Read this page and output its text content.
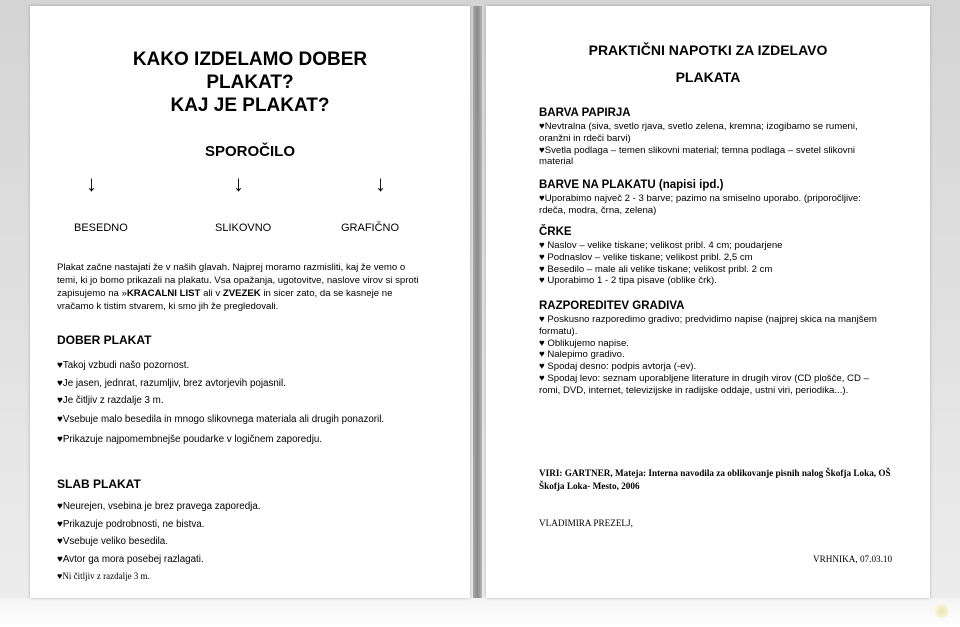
KAKO IZDELAMO DOBER
PLAKAT?
KAJ JE PLAKAT?
SPOROČILO
↓	↓	↓
BESEDNO	SLIKOVNO	GRAFIČNO
Plakat začne nastajati že v naših glavah. Najprej moramo razmisliti, kaj že vemo o temi, ki jo bomo prikazali na plakatu. Vsa opažanja, ugotovitve, naslove virov si sproti zapisujemo na »KRACALNI LIST ali v ZVEZEK in sicer zato, da se kasneje ne vračamo k tistim stvarem, ki smo jih že pregledovali.
DOBER PLAKAT
♥Takoj vzbudi našo pozornost.
♥Je jasen, jednrat, razumljiv, brez avtorjevih pojasnil.
♥Je čitljiv z razdalje 3 m.
♥Vsebuje malo besedila in mnogo slikovnega materiala ali drugih ponazoril.
♥Prikazuje najpomembnejše poudarke v logičnem zaporedju.
SLAB PLAKAT
♥Neurejen, vsebina je brez pravega zaporedja.
♥Prikazuje podrobnosti, ne bistva.
♥Vsebuje veliko besedila.
♥Avtor ga mora posebej razlagati.
♥Ni čitljiv z razdalje 3 m.
PRAKTIČNI NAPOTKI ZA IZDELAVO
PLAKATA
BARVA PAPIRJA
♥Nevtralna (siva, svetlo rjava, svetlo zelena, kremna; izogibamo se rumeni, oranžni in rdeči barvi)
♥Svetla podlaga – temen slikovni material; temna podlaga – svetel slikovni material
BARVE NA PLAKATU (napisi ipd.)
♥Uporabimo največ 2 - 3 barve; pazimo na smiselno uporabo. (priporočljive: rdeča, modra, črna, zelena)
ČRKE
♥ Naslov – velike tiskane; velikost pribl. 4 cm; poudarjene
♥ Podnaslov – velike tiskane; velikost pribl. 2,5 cm
♥ Besedilo – male ali velike tiskane; velikost pribl. 2 cm
♥ Uporabimo 1 - 2 tipa pisave (oblike črk).
RAZPOREDITEV GRADIVA
♥ Poskusno razporedimo gradivo; predvidimo napise (najprej skica na manjšem formatu).
♥ Oblikujemo napise.
♥ Nalepimo gradivo.
♥ Spodaj desno: podpis avtorja (-ev).
♥ Spodaj levo: seznam uporabljene literature in drugih virov (CD plošče, CD – romi, DVD, internet, televizijske in radijske oddaje, ustni viri, periodika...).
VIRI: GARTNER, Mateja: Interna navodila za oblikovanje pisnih nalog Škofja Loka, OŠ Škofja Loka- Mesto, 2006
VLADIMIRA PREZELJ,
VRHNIKA, 07.03.10
